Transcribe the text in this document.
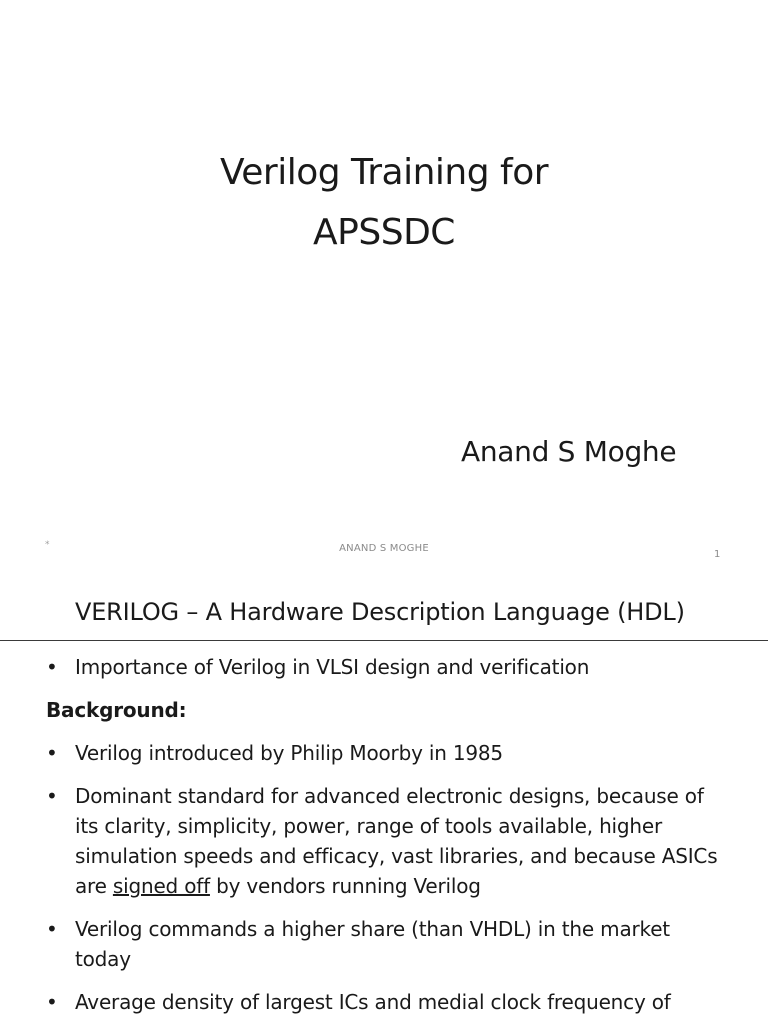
Verilog Training for
APSSDC
Anand S Moghe
*	ANAND S MOGHE
1
VERILOG – A Hardware Description Language (HDL)
• Importance of Verilog in VLSI design and verification
Background:
• Verilog introduced by Philip Moorby in 1985
• Dominant standard for advanced electronic designs, because of its clarity, simplicity, power, range of tools available, higher simulation speeds and efficacy, vast libraries, and because ASICs are signed off by vendors running Verilog
• Verilog commands a higher share (than VHDL) in the market today
• Average density of largest ICs and medial clock frequency of
